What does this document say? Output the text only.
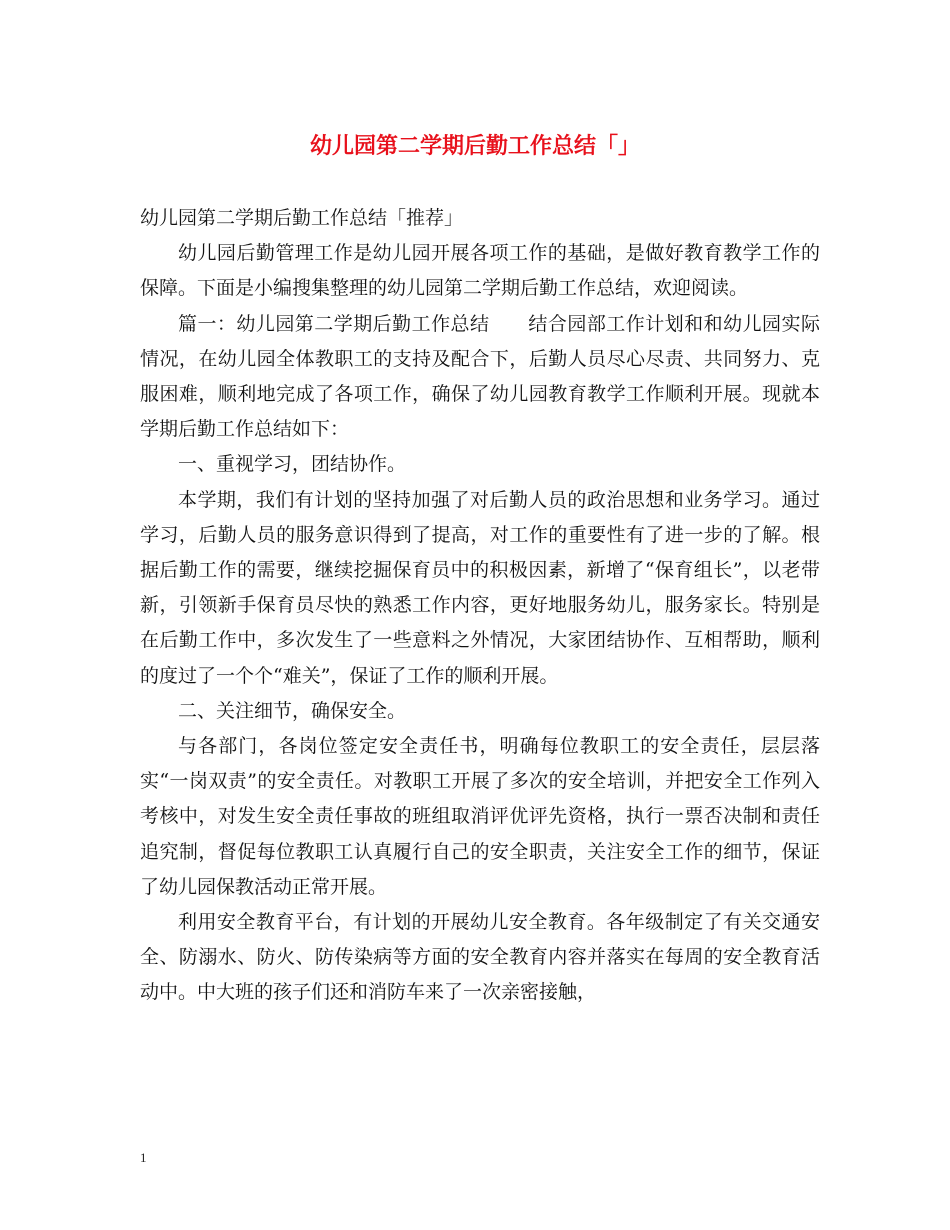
幼儿园第二学期后勤工作总结「」

幼儿园第二学期后勤工作总结「推荐」

幼儿园后勤管理工作是幼儿园开展各项工作的基础，是做好教育教学工作的保障。下面是小编搜集整理的幼儿园第二学期后勤工作总结，欢迎阅读。

篇一：幼儿园第二学期后勤工作总结　　结合园部工作计划和和幼儿园实际情况，在幼儿园全体教职工的支持及配合下，后勤人员尽心尽责、共同努力、克服困难，顺利地完成了各项工作，确保了幼儿园教育教学工作顺利开展。现就本学期后勤工作总结如下：

一、重视学习，团结协作。

本学期，我们有计划的坚持加强了对后勤人员的政治思想和业务学习。通过学习，后勤人员的服务意识得到了提高，对工作的重要性有了进一步的了解。根据后勤工作的需要，继续挖掘保育员中的积极因素，新增了“保育组长”，以老带新，引领新手保育员尽快的熟悉工作内容，更好地服务幼儿，服务家长。特别是在后勤工作中，多次发生了一些意料之外情况，大家团结协作、互相帮助，顺利的度过了一个个“难关”，保证了工作的顺利开展。

二、关注细节，确保安全。

与各部门，各岗位签定安全责任书，明确每位教职工的安全责任，层层落实“一岗双责”的安全责任。对教职工开展了多次的安全培训，并把安全工作列入考核中，对发生安全责任事故的班组取消评优评先资格，执行一票否决制和责任追究制，督促每位教职工认真履行自己的安全职责，关注安全工作的细节，保证了幼儿园保教活动正常开展。

利用安全教育平台，有计划的开展幼儿安全教育。各年级制定了有关交通安全、防溺水、防火、防传染病等方面的安全教育内容并落实在每周的安全教育活动中。中大班的孩子们还和消防车来了一次亲密接触，

1
